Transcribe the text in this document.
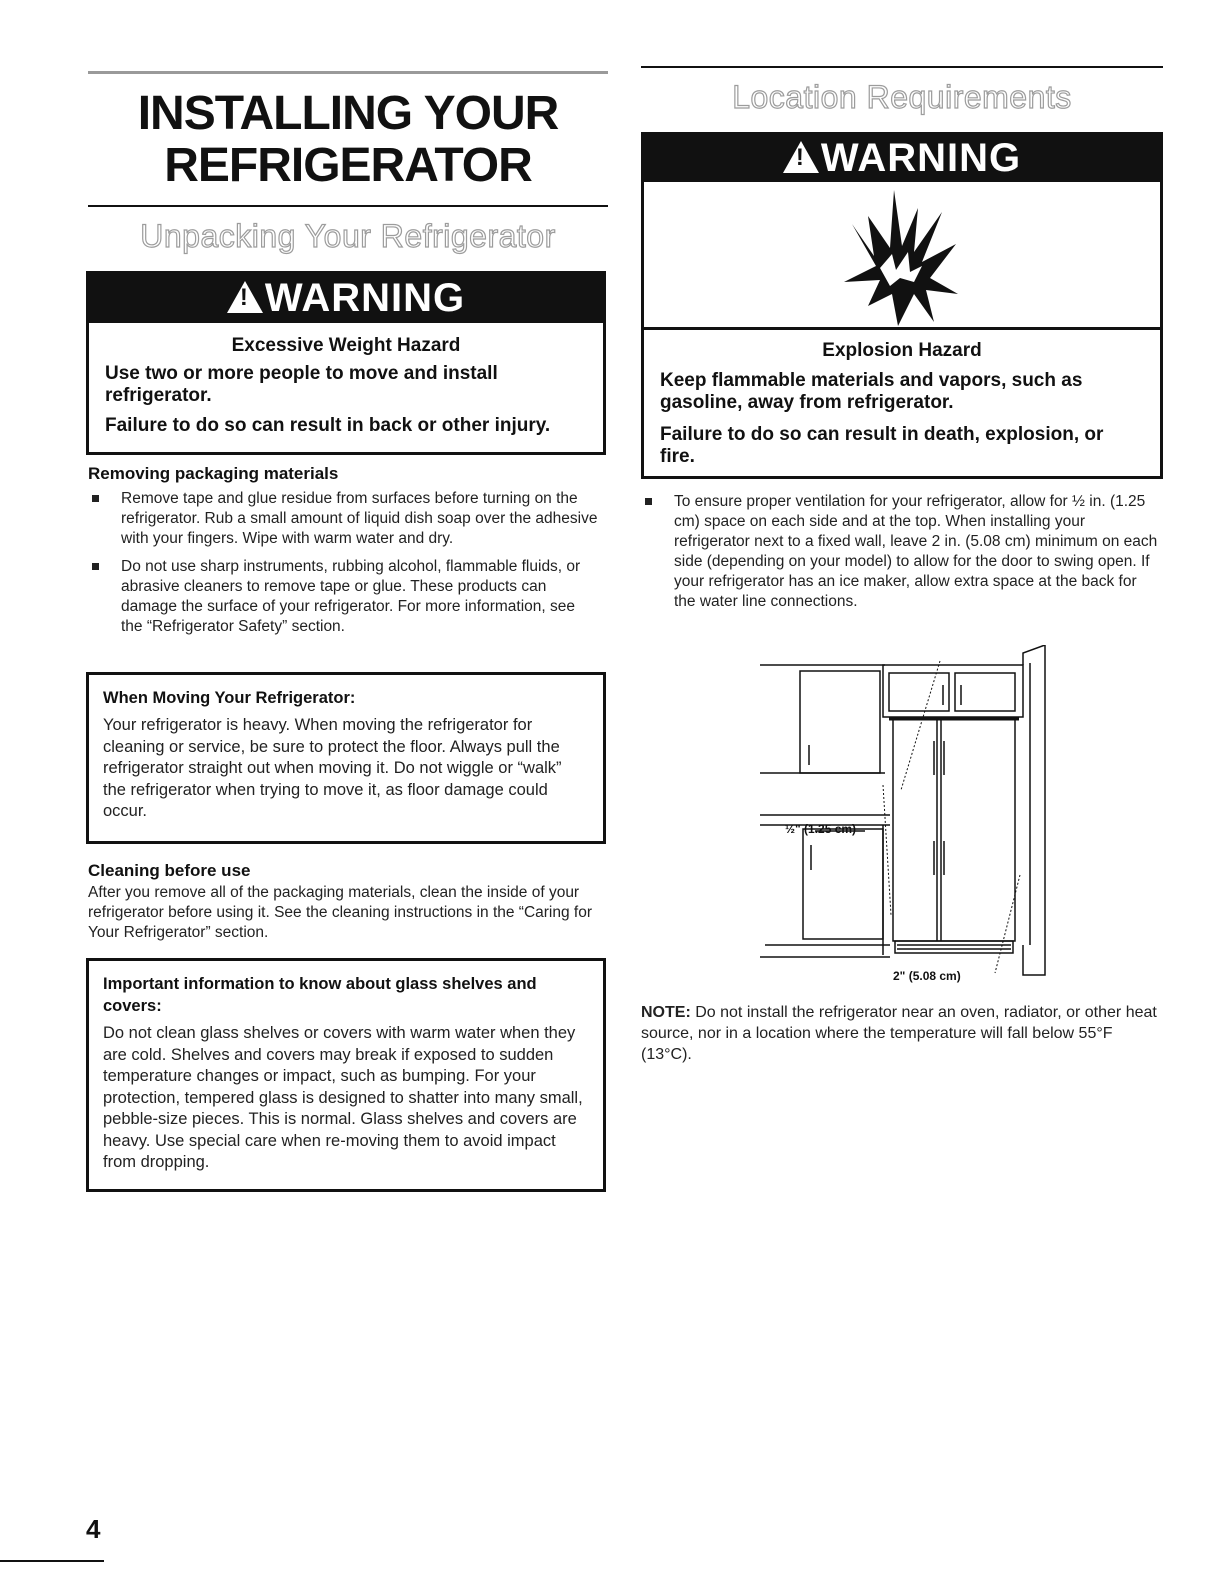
INSTALLING YOUR
REFRIGERATOR
Unpacking Your Refrigerator
!WARNING
Excessive Weight Hazard
Use two or more people to move and install refrigerator.
Failure to do so can result in back or other injury.
Removing packaging materials
Remove tape and glue residue from surfaces before turning on the refrigerator. Rub a small amount of liquid dish soap over the adhesive with your fingers. Wipe with warm water and dry.
Do not use sharp instruments, rubbing alcohol, flammable fluids, or abrasive cleaners to remove tape or glue. These products can damage the surface of your refrigerator. For more information, see the “Refrigerator Safety” section.
When Moving Your Refrigerator:
Your refrigerator is heavy. When moving the refrigerator for cleaning or service, be sure to protect the floor. Always pull the refrigerator straight out when moving it. Do not wiggle or “walk” the refrigerator when trying to move it, as floor damage could occur.
Cleaning before use
After you remove all of the packaging materials, clean the inside of your refrigerator before using it. See the cleaning instructions in the “Caring for Your Refrigerator” section.
Important information to know about glass shelves and covers:
Do not clean glass shelves or covers with warm water when they are cold. Shelves and covers may break if exposed to sudden temperature changes or impact, such as bumping. For your protection, tempered glass is designed to shatter into many small, pebble-size pieces. This is normal. Glass shelves and covers are heavy. Use special care when re-moving them to avoid impact from dropping.
4
Location Requirements
!WARNING
Explosion Hazard
Keep flammable materials and vapors, such as gasoline, away from refrigerator.
Failure to do so can result in death, explosion, or fire.
To ensure proper ventilation for your refrigerator, allow for ½ in. (1.25 cm) space on each side and at the top. When installing your refrigerator next to a fixed wall, leave 2 in. (5.08 cm) minimum on each side (depending on your model) to allow for the door to swing open. If your refrigerator has an ice maker, allow extra space at the back for the water line connections.
½" (1.25 cm)
2" (5.08 cm)
NOTE: Do not install the refrigerator near an oven, radiator, or other heat source, nor in a location where the temperature will fall below 55°F (13°C).
